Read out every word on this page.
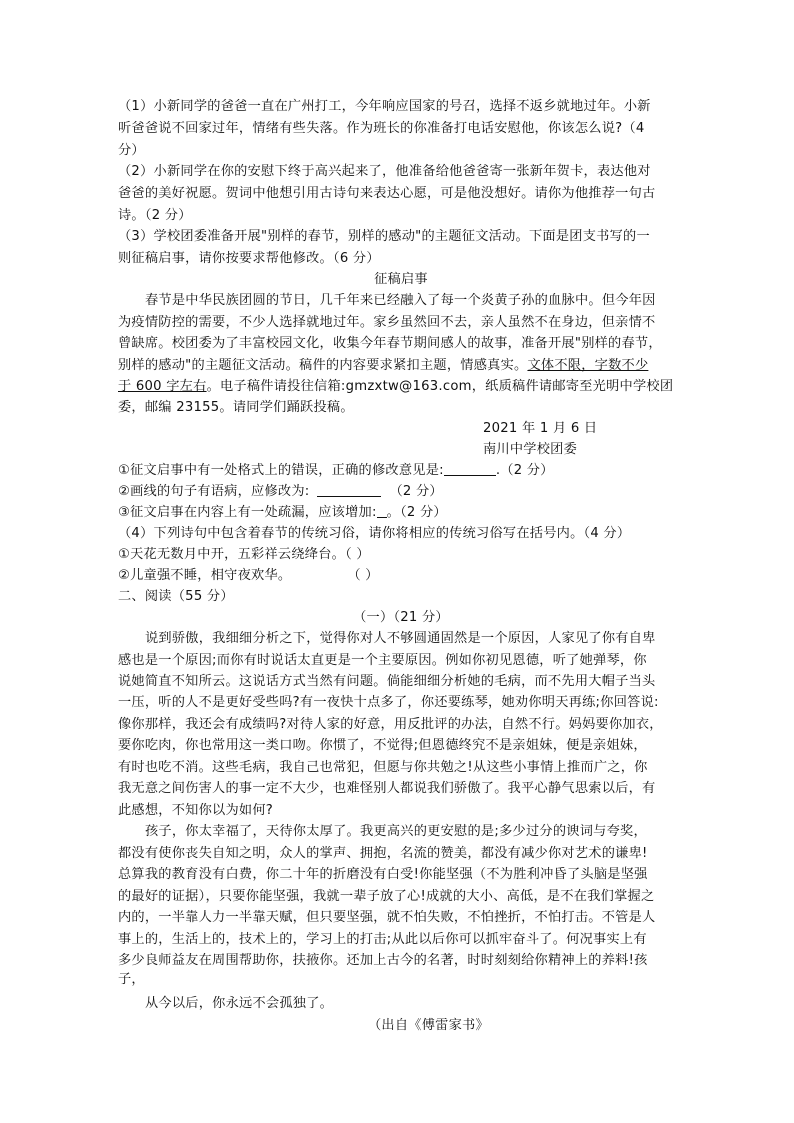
（1）小新同学的爸爸一直在广州打工，今年响应国家的号召，选择不返乡就地过年。小新
听爸爸说不回家过年，情绪有些失落。作为班长的你准备打电话安慰他，你该怎么说?（4
分）
（2）小新同学在你的安慰下终于高兴起来了，他准备给他爸爸寄一张新年贺卡，表达他对
爸爸的美好祝愿。贺词中他想引用古诗句来表达心愿，可是他没想好。请你为他推荐一句古
诗。（2 分）
（3）学校团委准备开展"别样的春节，别样的感动"的主题征文活动。下面是团支书写的一
则征稿启事，请你按要求帮他修改。（6 分）
征稿启事
春节是中华民族团圆的节日，几千年来已经融入了每一个炎黄子孙的血脉中。但今年因
为疫情防控的需要，不少人选择就地过年。家乡虽然回不去，亲人虽然不在身边，但亲情不
曾缺席。校团委为了丰富校园文化，收集今年春节期间感人的故事，准备开展"别样的春节，
别样的感动"的主题征文活动。稿件的内容要求紧扣主题，情感真实。文体不限，字数不少
于 600 字左右。电子稿件请投往信箱:gmzxtw@163.com，纸质稿件请邮寄至光明中学校团
委，邮编 23155。请同学们踊跃投稿。
2021 年 1 月 6 日
南川中学校团委
①征文启事中有一处格式上的错误，正确的修改意见是:	.（2 分）
②画线的句子有语病，应修改为:	（2 分）
③征文启事在内容上有一处疏漏，应该增加: 。（2 分）
（4）下列诗句中包含着春节的传统习俗，请你将相应的传统习俗写在括号内。（4 分）
①天花无数月中开，五彩祥云绕绛台。（ ）
②儿童强不睡，相守夜欢华。	（ ）
二、阅读（55 分）
（一）（21 分）
说到骄傲，我细细分析之下，觉得你对人不够圆通固然是一个原因，人家见了你有自卑
感也是一个原因;而你有时说话太直更是一个主要原因。例如你初见恩德，听了她弹琴，你
说她简直不知所云。这说话方式当然有问题。倘能细细分析她的毛病，而不先用大帽子当头
一压，听的人不是更好受些吗?有一夜快十点多了，你还要练琴，她劝你明天再练;你回答说:
像你那样，我还会有成绩吗?对待人家的好意，用反批评的办法，自然不行。妈妈要你加衣，
要你吃肉，你也常用这一类口吻。你惯了，不觉得;但恩德终究不是亲姐妹，便是亲姐妹，
有时也吃不消。这些毛病，我自己也常犯，但愿与你共勉之!从这些小事情上推而广之，你
我无意之间伤害人的事一定不大少，也难怪别人都说我们骄傲了。我平心静气思索以后，有
此感想，不知你以为如何?
孩子，你太幸福了，天待你太厚了。我更高兴的更安慰的是;多少过分的谀词与夸奖，
都没有使你丧失自知之明，众人的掌声、拥抱，名流的赞美，都没有减少你对艺术的谦卑!
总算我的教育没有白费，你二十年的折磨没有白受!你能坚强（不为胜利冲昏了头脑是坚强
的最好的证据），只要你能坚强，我就一辈子放了心!成就的大小、高低，是不在我们掌握之
内的，一半靠人力一半靠天赋，但只要坚强，就不怕失败，不怕挫折，不怕打击。不管是人
事上的，生活上的，技术上的，学习上的打击;从此以后你可以抓牢奋斗了。何况事实上有
多少良师益友在周围帮助你，扶掖你。还加上古今的名著，时时刻刻给你精神上的养料!孩
子，
从今以后，你永远不会孤独了。
（出自《傅雷家书》
